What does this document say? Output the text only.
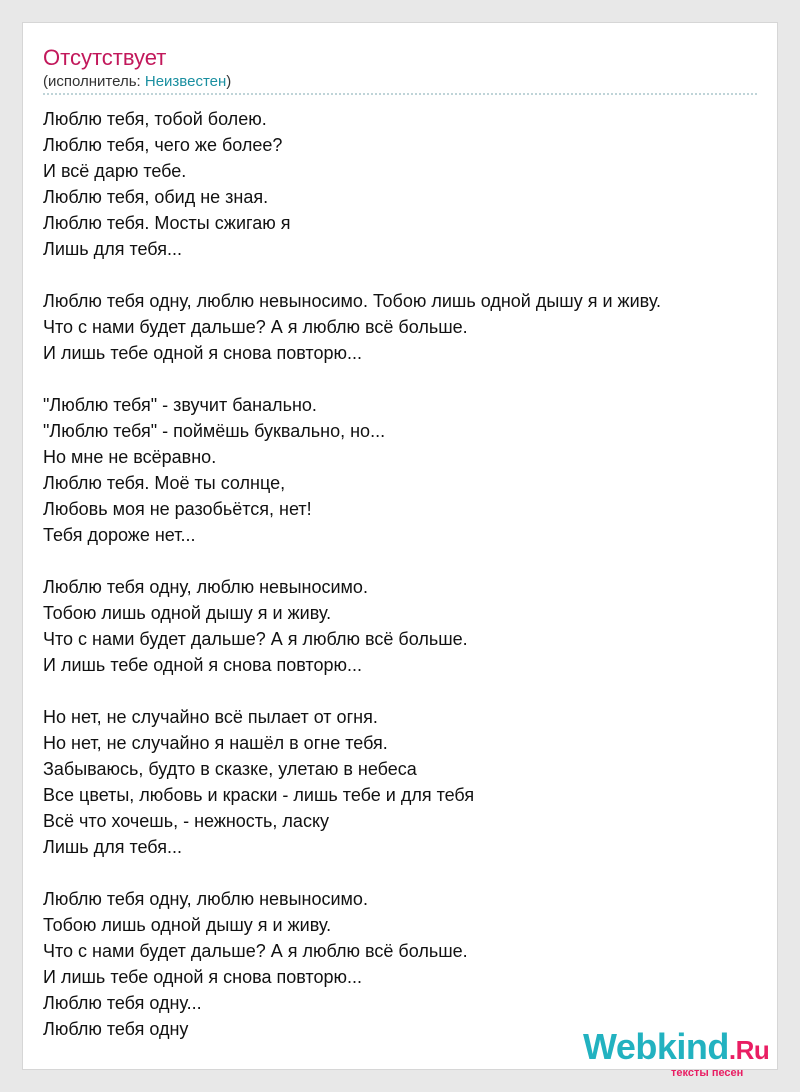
Отсутствует
(исполнитель: Неизвестен)
Люблю тебя, тобой болею.
Люблю тебя, чего же более?
И всё дарю тебе.
Люблю тебя, обид не зная.
Люблю тебя. Мосты сжигаю я
Лишь для тебя...

Люблю тебя одну, люблю невыносимо. Тобою лишь одной дышу я и живу.
Что с нами будет дальше? А я люблю всё больше.
И лишь тебе одной я снова повторю...

"Люблю тебя" - звучит банально.
"Люблю тебя" - поймёшь буквально, но...
Но мне не всёравно.
Люблю тебя. Моё ты солнце,
Любовь моя не разобьётся, нет!
Тебя дороже нет...

Люблю тебя одну, люблю невыносимо.
Тобою лишь одной дышу я и живу.
Что с нами будет дальше? А я люблю всё больше.
И лишь тебе одной я снова повторю...

Но нет, не случайно всё пылает от огня.
Но нет, не случайно я нашёл в огне тебя.
Забываюсь, будто в сказке, улетаю в небеса
Все цветы, любовь и краски - лишь тебе и для тебя
Всё что хочешь, - нежность, ласку
Лишь для тебя...

Люблю тебя одну, люблю невыносимо.
Тобою лишь одной дышу я и живу.
Что с нами будет дальше? А я люблю всё больше.
И лишь тебе одной я снова повторю...
Люблю тебя одну...
Люблю тебя одну	Webkind.Ru
тексты песен
